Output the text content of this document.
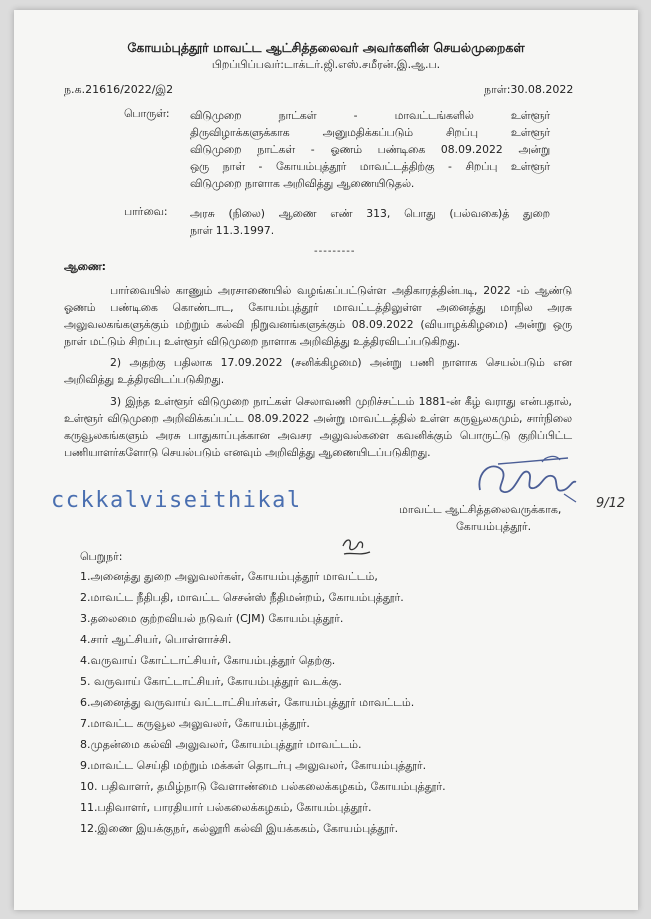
கோயம்புத்தூர் மாவட்ட ஆட்சித்தலைவர் அவர்களின் செயல்முறைகள்
பிறப்பிப்பவர்:டாக்டர்.ஜி.எஸ்.சமீரன்.இ.ஆ.ப.
ந.க.21616/2022/இ2	நாள்:30.08.2022
பொருள்: விடுமுறை நாட்கள் - மாவட்டங்களில் உள்ளூர்
திருவிழாக்களுக்காக அனுமதிக்கப்படும் சிறப்பு உள்ளூர்
விடுமுறை நாட்கள் - ஓணம் பண்டிகை 08.09.2022 அன்று
ஒரு நாள் - கோயம்புத்தூர் மாவட்டத்திற்கு - சிறப்பு உள்ளூர்
விடுமுறை நாளாக அறிவித்து ஆணையிடுதல்.
பார்வை: அரசு (நிலை) ஆணை எண் 313, பொது (பல்வகை)த் துறை
நாள் 11.3.1997.
---------
ஆணை:
பார்வையில் காணும் அரசாணையில் வழங்கப்பட்டுள்ள அதிகாரத்தின்படி, 2022 -ம் ஆண்டு ஓணம் பண்டிகை கொண்டாட, கோயம்புத்தூர் மாவட்டத்திலுள்ள அனைத்து மாநில அரசு அலுவலகங்களுக்கும் மற்றும் கல்வி நிறுவனங்களுக்கும் 08.09.2022 (வியாழக்கிழமை) அன்று ஒரு நாள் மட்டும் சிறப்பு உள்ளூர் விடுமுறை நாளாக அறிவித்து உத்திரவிடப்படுகிறது.
2) அதற்கு பதிலாக 17.09.2022 (சனிக்கிழமை) அன்று பணி நாளாக செயல்படும் என அறிவித்து உத்திரவிடப்படுகிறது.
3) இந்த உள்ளூர் விடுமுறை நாட்கள் செலாவணி முறிச்சட்டம் 1881-ன் கீழ் வராது என்பதால், உள்ளூர் விடுமுறை அறிவிக்கப்பட்ட 08.09.2022 அன்று மாவட்டத்தில் உள்ள கருவூலகமும், சார்நிலை கருவூலகங்களும் அரசு பாதுகாப்புக்கான அவசர அலுவல்களை கவனிக்கும் பொருட்டு குறிப்பிட்ட பணியாளர்களோடு செயல்படும் எனவும் அறிவித்து ஆணையிடப்படுகிறது.
cckkalviseithikal	9/12
மாவட்ட ஆட்சித்தலைவருக்காக,
கோயம்புத்தூர்.
பெறுநர்:
1.அனைத்து துறை அலுவலர்கள், கோயம்புத்தூர் மாவட்டம்,
2.மாவட்ட நீதிபதி, மாவட்ட செசன்ஸ் நீதிமன்றம், கோயம்புத்தூர்.
3.தலைமை குற்றவியல் நடுவர் (CJM) கோயம்புத்தூர்.
4.சார் ஆட்சியர், பொள்ளாச்சி.
4.வருவாய் கோட்டாட்சியர், கோயம்புத்தூர் தெற்கு.
5. வருவாய் கோட்டாட்சியர், கோயம்புத்தூர் வடக்கு.
6.அனைத்து வருவாய் வட்டாட்சியர்கள், கோயம்புத்தூர் மாவட்டம்.
7.மாவட்ட கருவூல அலுவலர், கோயம்புத்தூர்.
8.முதன்மை கல்வி அலுவலர், கோயம்புத்தூர் மாவட்டம்.
9.மாவட்ட செய்தி மற்றும் மக்கள் தொடர்பு அலுவலர், கோயம்புத்தூர்.
10. பதிவாளர், தமிழ்நாடு வேளாண்மை பல்கலைக்கழகம், கோயம்புத்தூர்.
11.பதிவாளர், பாரதியார் பல்கலைக்கழகம், கோயம்புத்தூர்.
12.இணை இயக்குநர், கல்லூரி கல்வி இயக்ககம், கோயம்புத்தூர்.
